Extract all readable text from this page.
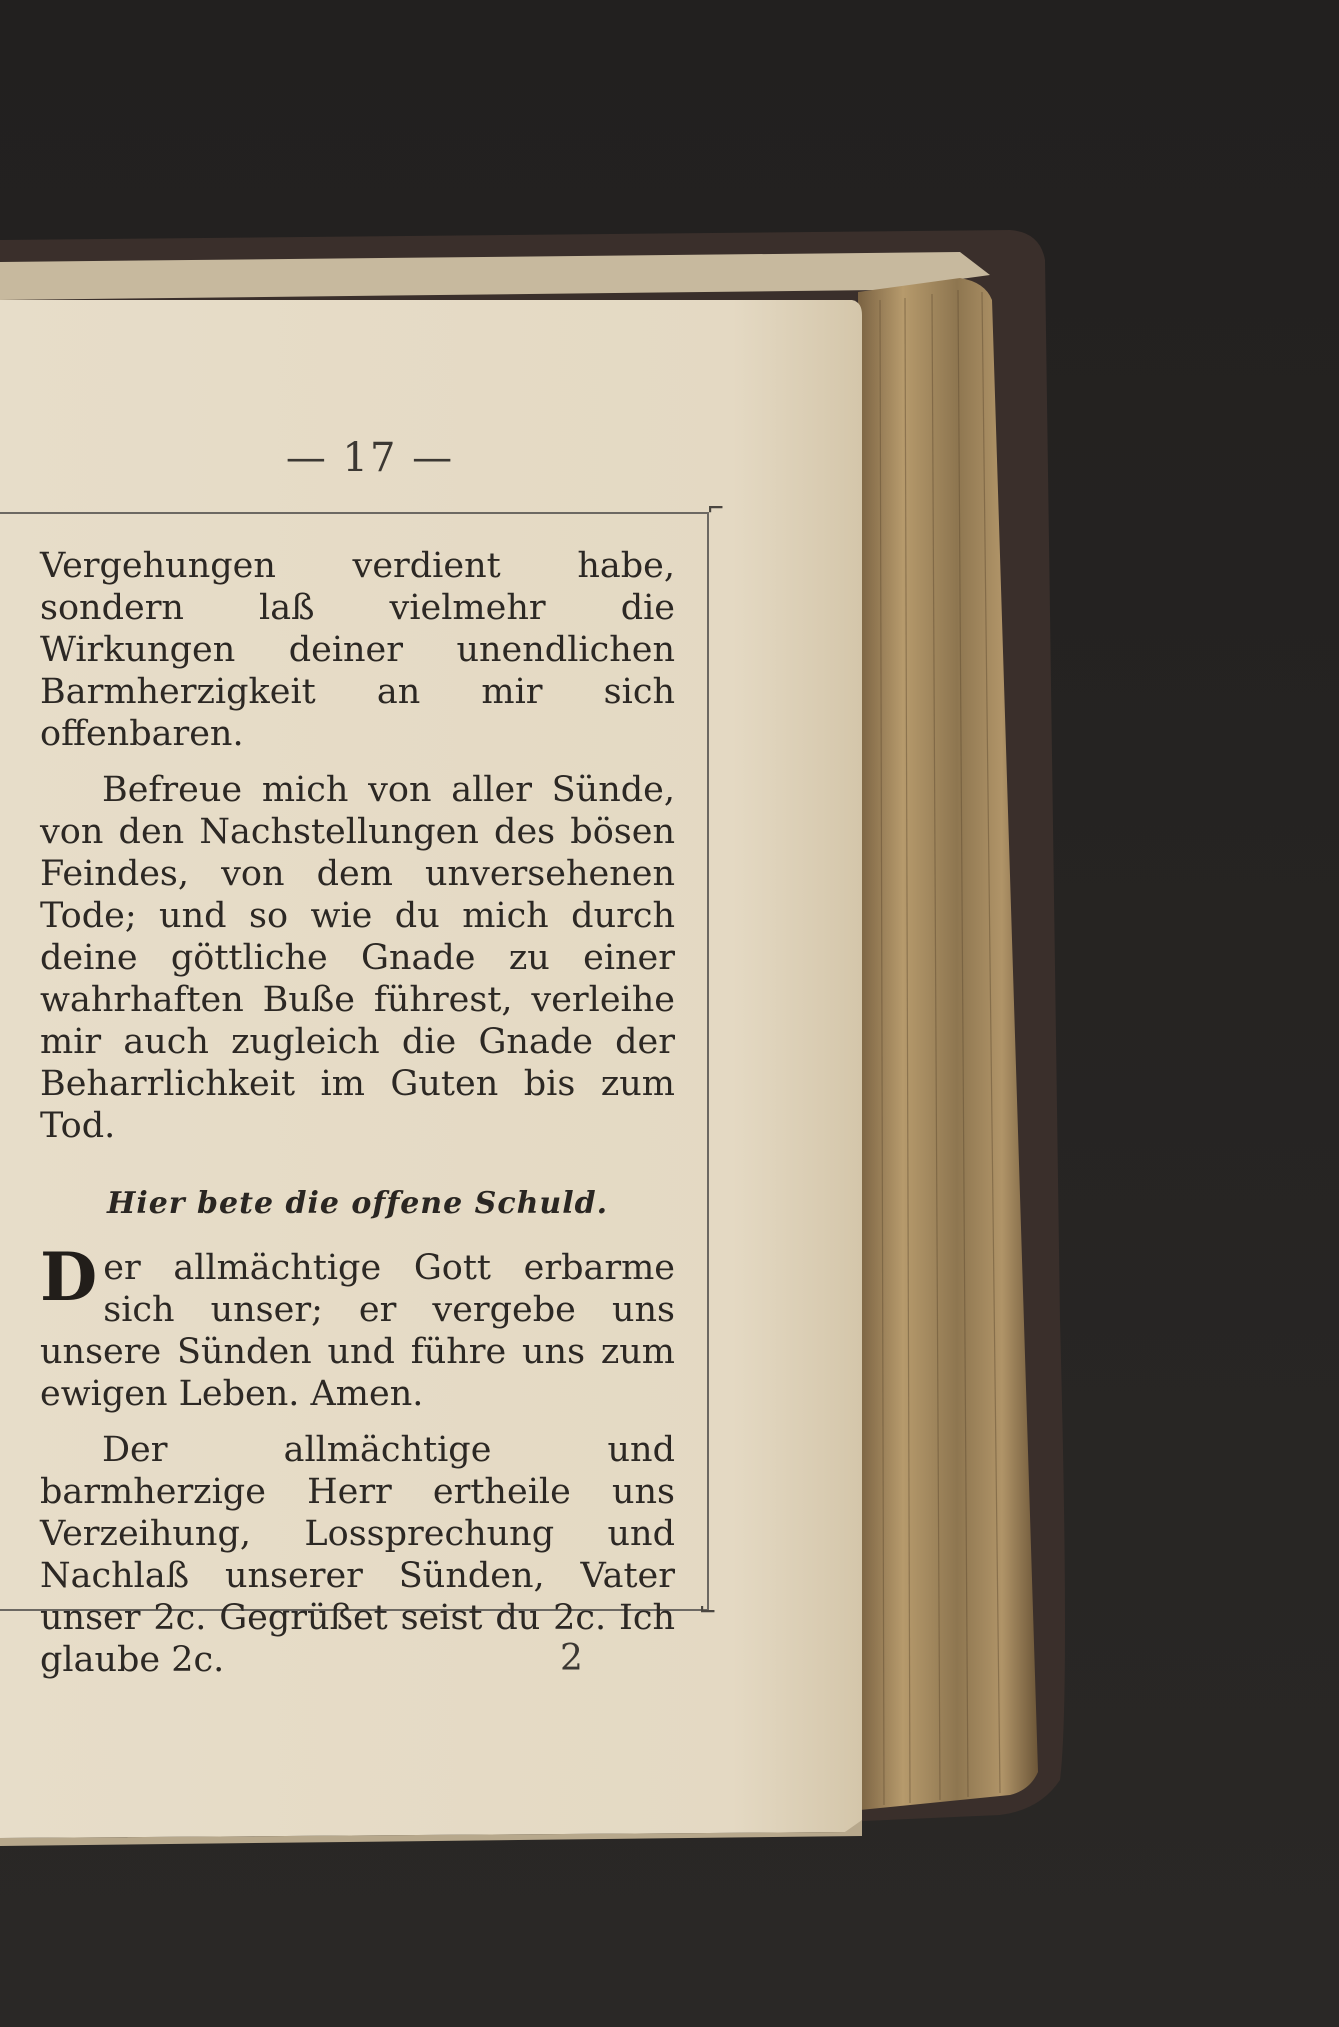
— 17 —
⌐
⌙

Vergehungen verdient habe, sondern laß vielmehr die Wirkungen deiner unendlichen Barmherzigkeit an mir sich offenbaren.

Befreue mich von aller Sünde, von den Nachstellungen des bösen Feindes, von dem unversehenen Tode; und so wie du mich durch deine göttliche Gnade zu einer wahrhaften Buße führest, verleihe mir auch zugleich die Gnade der Beharrlichkeit im Guten bis zum Tod.

Hier bete die offene Schuld.

Der allmächtige Gott erbarme sich unser; er vergebe uns unsere Sünden und führe uns zum ewigen Leben. Amen.

Der allmächtige und barmherzige Herr ertheile uns Verzeihung, Lossprechung und Nachlaß unserer Sünden, Vater unser 2c. Gegrüßet seist du 2c. Ich glaube 2c.	2
